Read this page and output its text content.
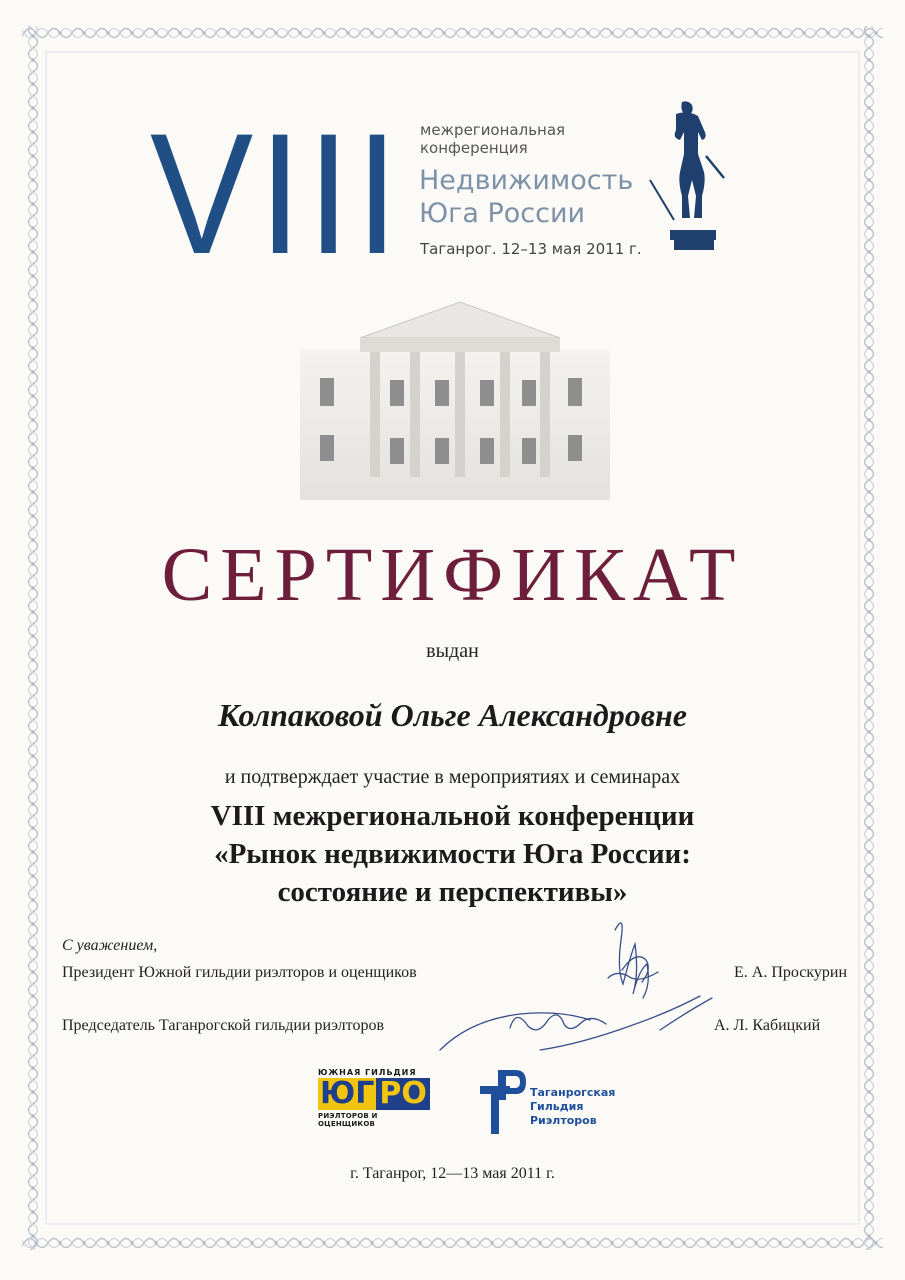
VIII межрегиональная
конференция
Недвижимость
Юга России
Таганрог. 12–13 мая 2011 г.
СЕРТИФИКАТ
выдан
Колпаковой Ольге Александровне
и подтверждает участие в мероприятиях и семинарах
VIII межрегиональной конференции
«Рынок недвижимости Юга России:
состояние и перспективы»
С уважением,
Президент Южной гильдии риэлторов и оценщиков	Е. А. Проскурин
Председатель Таганрогской гильдии риэлторов	А. Л. Кабицкий
ЮЖНАЯ ГИЛЬДИЯ
ЮГ РО
РИЭЛТОРОВ И ОЦЕНЩИКОВ
Таганрогская
Гильдия
Риэлторов
г. Таганрог, 12—13 мая 2011 г.
